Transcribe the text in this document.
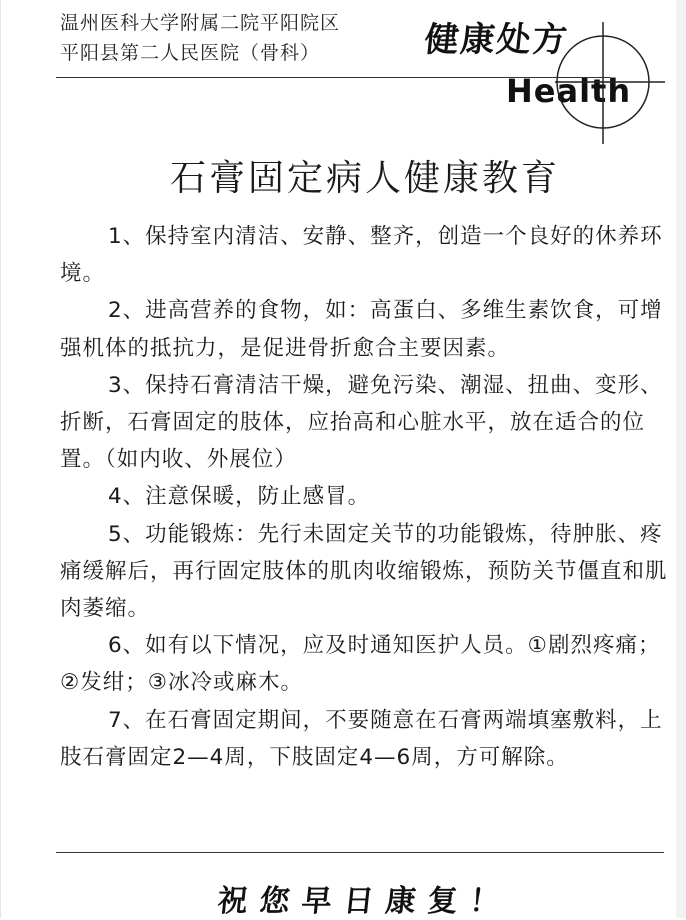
温州医科大学附属二院平阳院区
平阳县第二人民医院（骨科）	健康处方
Health
石膏固定病人健康教育

1、保持室内清洁、安静、整齐，创造一个良好的休养环境。

2、进高营养的食物，如：高蛋白、多维生素饮食，可增强机体的抵抗力，是促进骨折愈合主要因素。

3、保持石膏清洁干燥，避免污染、潮湿、扭曲、变形、折断，石膏固定的肢体，应抬高和心脏水平，放在适合的位置。（如内收、外展位）

4、注意保暖，防止感冒。

5、功能锻炼：先行未固定关节的功能锻炼，待肿胀、疼痛缓解后，再行固定肢体的肌肉收缩锻炼，预防关节僵直和肌肉萎缩。

6、如有以下情况，应及时通知医护人员。①剧烈疼痛；②发绀；③冰冷或麻木。

7、在石膏固定期间，不要随意在石膏两端填塞敷料，上肢石膏固定2—4周，下肢固定4—6周，方可解除。

祝您早日康复！
